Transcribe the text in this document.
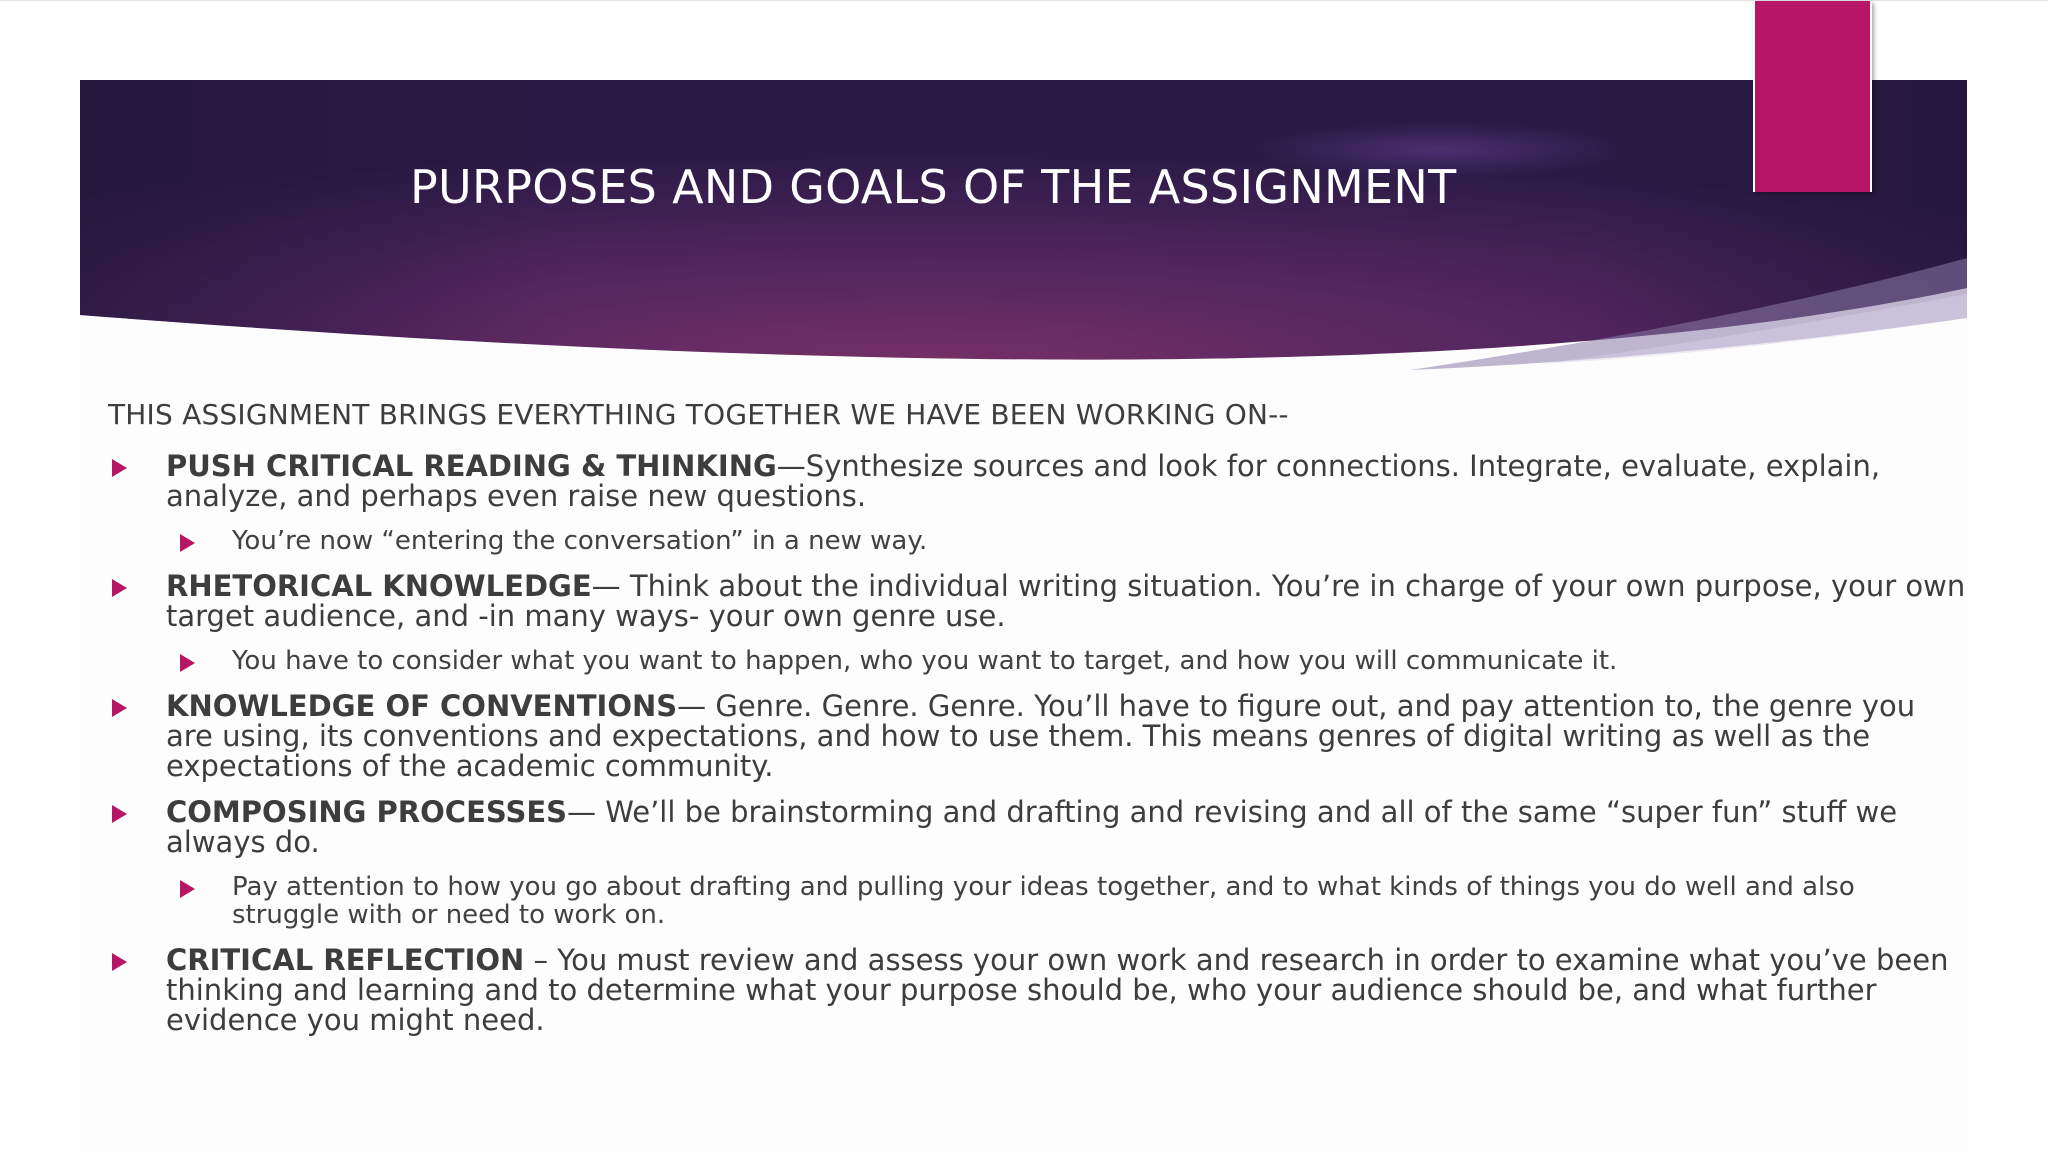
PURPOSES AND GOALS OF THE ASSIGNMENT

THIS ASSIGNMENT BRINGS EVERYTHING TOGETHER WE HAVE BEEN WORKING ON--

PUSH CRITICAL READING & THINKING—Synthesize sources and look for connections. Integrate, evaluate, explain, analyze, and perhaps even raise new questions.
You’re now “entering the conversation” in a new way.
RHETORICAL KNOWLEDGE— Think about the individual writing situation. You’re in charge of your own purpose, your own target audience, and -in many ways- your own genre use.
You have to consider what you want to happen, who you want to target, and how you will communicate it.
KNOWLEDGE OF CONVENTIONS— Genre. Genre. Genre. You’ll have to figure out, and pay attention to, the genre you are using, its conventions and expectations, and how to use them. This means genres of digital writing as well as the expectations of the academic community.
COMPOSING PROCESSES— We’ll be brainstorming and drafting and revising and all of the same “super fun” stuff we always do.
Pay attention to how you go about drafting and pulling your ideas together, and to what kinds of things you do well and also struggle with or need to work on.
CRITICAL REFLECTION – You must review and assess your own work and research in order to examine what you’ve been thinking and learning and to determine what your purpose should be, who your audience should be, and what further evidence you might need.
